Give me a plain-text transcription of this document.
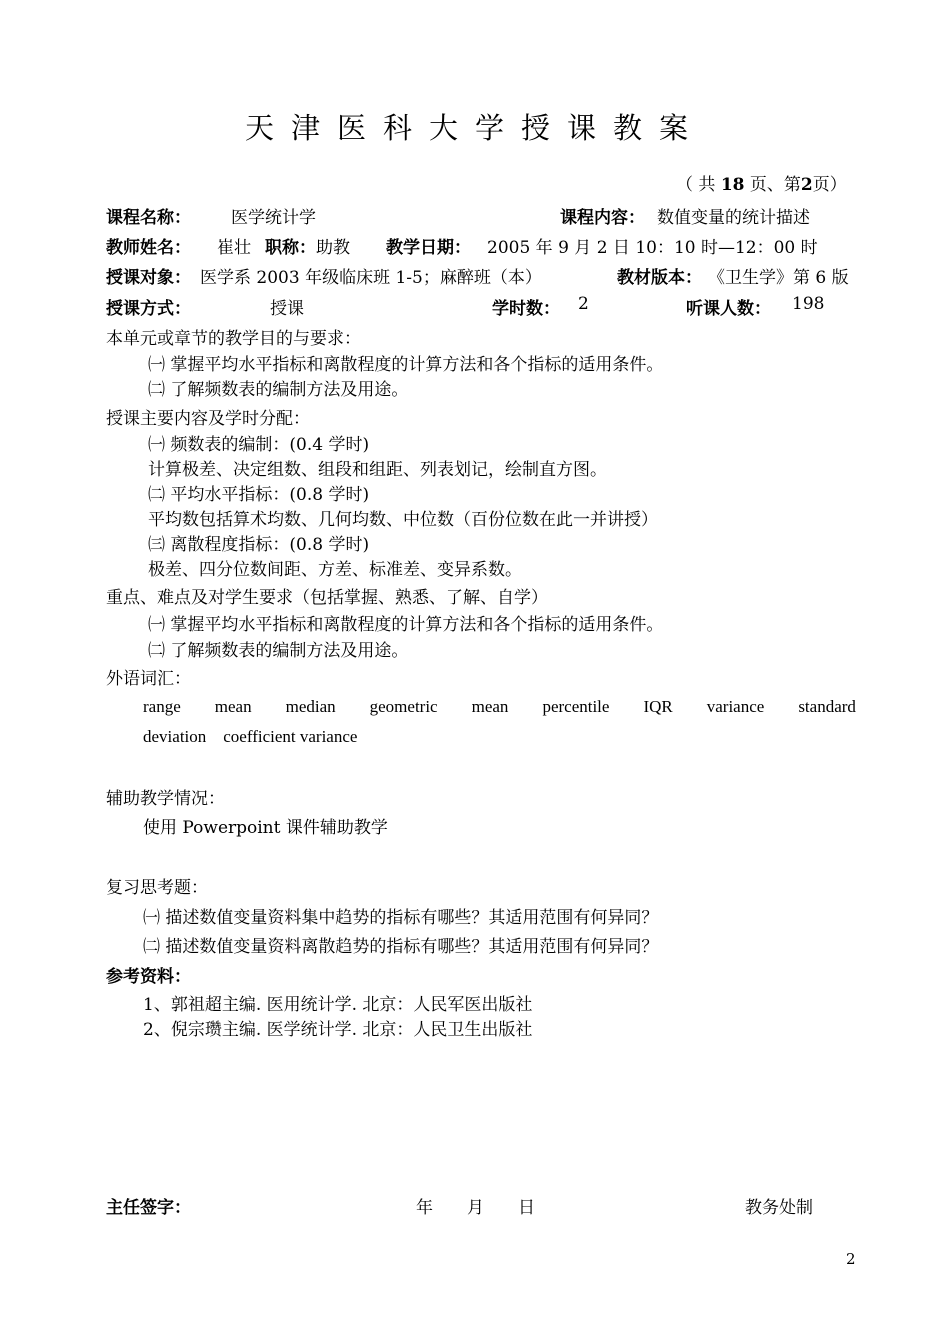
天津医科大学授课教案
（ 共 18 页、第2页）
课程名称： 医学统计学	课程内容： 数值变量的统计描述
教师姓名： 崔壮 职称： 助教 教学日期： 2005 年 9 月 2 日 10：10 时—12：00 时
授课对象： 医学系 2003 年级临床班 1-5；麻醉班（本）	教材版本： 《卫生学》第 6 版
授课方式：	授课	学时数： 2	听课人数： 198
本单元或章节的教学目的与要求：
㈠ 掌握平均水平指标和离散程度的计算方法和各个指标的适用条件。
㈡ 了解频数表的编制方法及用途。
授课主要内容及学时分配：
㈠ 频数表的编制：(0.4 学时)
计算极差、决定组数、组段和组距、列表划记，绘制直方图。
㈡ 平均水平指标：(0.8 学时)
平均数包括算术均数、几何均数、中位数（百份位数在此一并讲授）
㈢ 离散程度指标：(0.8 学时)
极差、四分位数间距、方差、标准差、变异系数。
重点、难点及对学生要求（包括掌握、熟悉、了解、自学）
㈠ 掌握平均水平指标和离散程度的计算方法和各个指标的适用条件。
㈡ 了解频数表的编制方法及用途。
外语词汇：
range mean median geometric mean percentile IQR variance standard
deviation    coefficient variance
辅助教学情况：
使用 Powerpoint 课件辅助教学
复习思考题：
㈠ 描述数值变量资料集中趋势的指标有哪些？其适用范围有何异同？
㈡ 描述数值变量资料离散趋势的指标有哪些？其适用范围有何异同？
参考资料：
1、郭祖超主编. 医用统计学. 北京：人民军医出版社
2、倪宗瓒主编. 医学统计学. 北京：人民卫生出版社
主任签字：	年　　月　　日	教务处制
2
